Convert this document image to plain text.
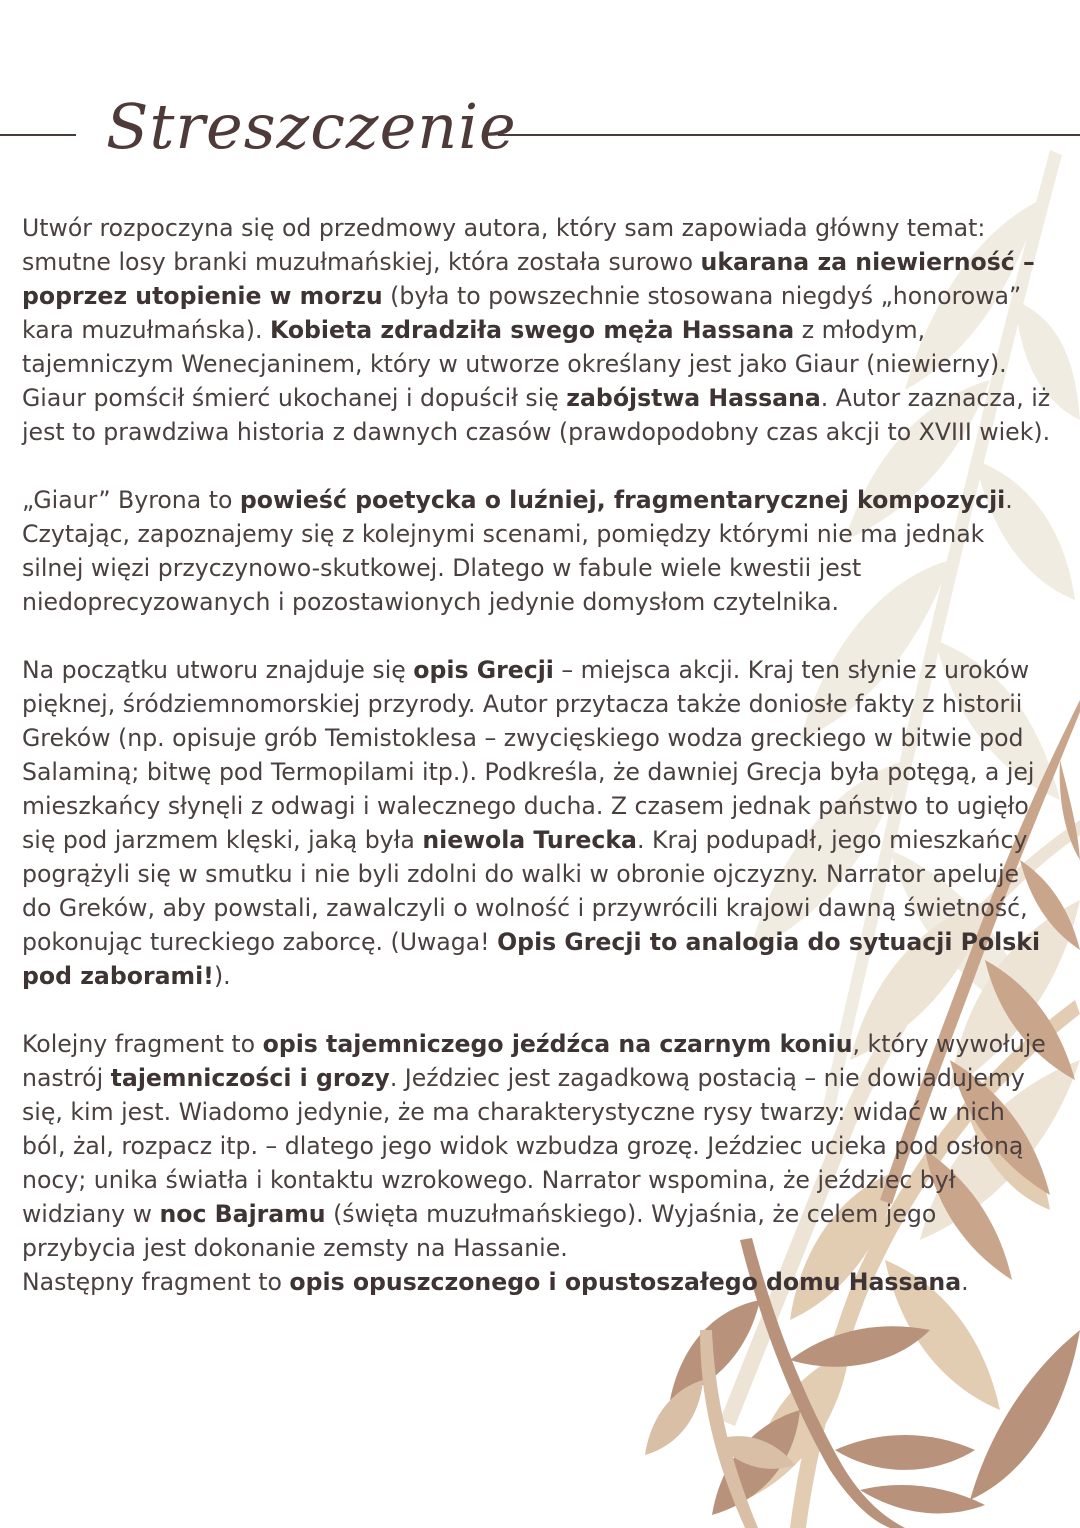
Streszczenie

Utwór rozpoczyna się od przedmowy autora, który sam zapowiada główny temat: smutne losy branki muzułmańskiej, która została surowo ukarana za niewierność – poprzez utopienie w morzu (była to powszechnie stosowana niegdyś „honorowa” kara muzułmańska). Kobieta zdradziła swego męża Hassana z młodym, tajemniczym Wenecjaninem, który w utworze określany jest jako Giaur (niewierny). Giaur pomścił śmierć ukochanej i dopuścił się zabójstwa Hassana. Autor zaznacza, iż jest to prawdziwa historia z dawnych czasów (prawdopodobny czas akcji to XVIII wiek).

„Giaur” Byrona to powieść poetycka o luźniej, fragmentarycznej kompozycji. Czytając, zapoznajemy się z kolejnymi scenami, pomiędzy którymi nie ma jednak silnej więzi przyczynowo-skutkowej. Dlatego w fabule wiele kwestii jest niedoprecyzowanych i pozostawionych jedynie domysłom czytelnika.

Na początku utworu znajduje się opis Grecji – miejsca akcji. Kraj ten słynie z uroków pięknej, śródziemnomorskiej przyrody. Autor przytacza także doniosłe fakty z historii Greków (np. opisuje grób Temistoklesa – zwycięskiego wodza greckiego w bitwie pod Salaminą; bitwę pod Termopilami itp.). Podkreśla, że dawniej Grecja była potęgą, a jej mieszkańcy słynęli z odwagi i walecznego ducha. Z czasem jednak państwo to ugięło się pod jarzmem klęski, jaką była niewola Turecka. Kraj podupadł, jego mieszkańcy pogrążyli się w smutku i nie byli zdolni do walki w obronie ojczyzny. Narrator apeluje do Greków, aby powstali, zawalczyli o wolność i przywrócili krajowi dawną świetność, pokonując tureckiego zaborcę. (Uwaga! Opis Grecji to analogia do sytuacji Polski pod zaborami!).

Kolejny fragment to opis tajemniczego jeźdźca na czarnym koniu, który wywołuje nastrój tajemniczości i grozy. Jeździec jest zagadkową postacią – nie dowiadujemy się, kim jest. Wiadomo jedynie, że ma charakterystyczne rysy twarzy: widać w nich ból, żal, rozpacz itp. – dlatego jego widok wzbudza grozę. Jeździec ucieka pod osłoną nocy; unika światła i kontaktu wzrokowego. Narrator wspomina, że jeździec był widziany w noc Bajramu (święta muzułmańskiego). Wyjaśnia, że celem jego przybycia jest dokonanie zemsty na Hassanie.

Następny fragment to opis opuszczonego i opustoszałego domu Hassana.
